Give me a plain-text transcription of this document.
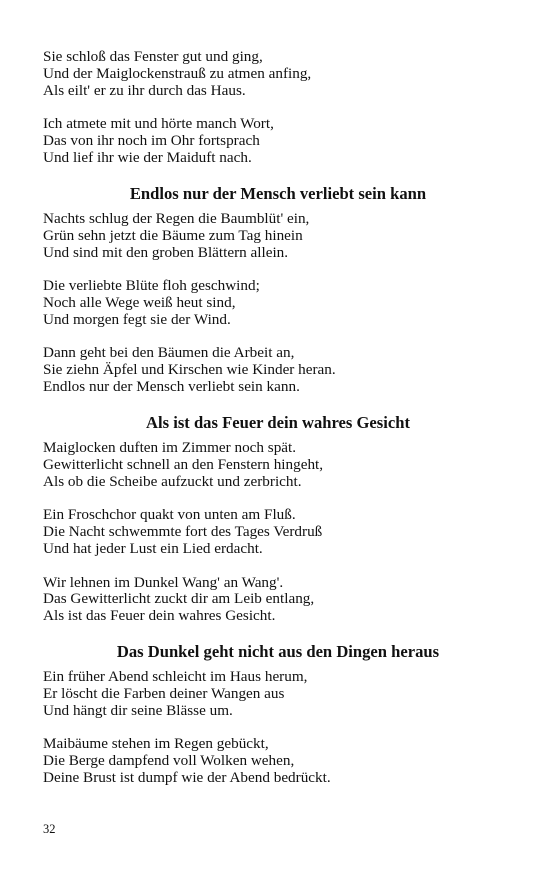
Sie schloß das Fenster gut und ging,
Und der Maiglockenstrauß zu atmen anfing,
Als eilt' er zu ihr durch das Haus.
Ich atmete mit und hörte manch Wort,
Das von ihr noch im Ohr fortsprach
Und lief ihr wie der Maiduft nach.
Endlos nur der Mensch verliebt sein kann
Nachts schlug der Regen die Baumblüt' ein,
Grün sehn jetzt die Bäume zum Tag hinein
Und sind mit den groben Blättern allein.
Die verliebte Blüte floh geschwind;
Noch alle Wege weiß heut sind,
Und morgen fegt sie der Wind.
Dann geht bei den Bäumen die Arbeit an,
Sie ziehn Äpfel und Kirschen wie Kinder heran.
Endlos nur der Mensch verliebt sein kann.
Als ist das Feuer dein wahres Gesicht
Maiglocken duften im Zimmer noch spät.
Gewitterlicht schnell an den Fenstern hingeht,
Als ob die Scheibe aufzuckt und zerbricht.
Ein Froschchor quakt von unten am Fluß.
Die Nacht schwemmte fort des Tages Verdruß
Und hat jeder Lust ein Lied erdacht.
Wir lehnen im Dunkel Wang' an Wang'.
Das Gewitterlicht zuckt dir am Leib entlang,
Als ist das Feuer dein wahres Gesicht.
Das Dunkel geht nicht aus den Dingen heraus
Ein früher Abend schleicht im Haus herum,
Er löscht die Farben deiner Wangen aus
Und hängt dir seine Blässe um.
Maibäume stehen im Regen gebückt,
Die Berge dampfend voll Wolken wehen,
Deine Brust ist dumpf wie der Abend bedrückt.
32
